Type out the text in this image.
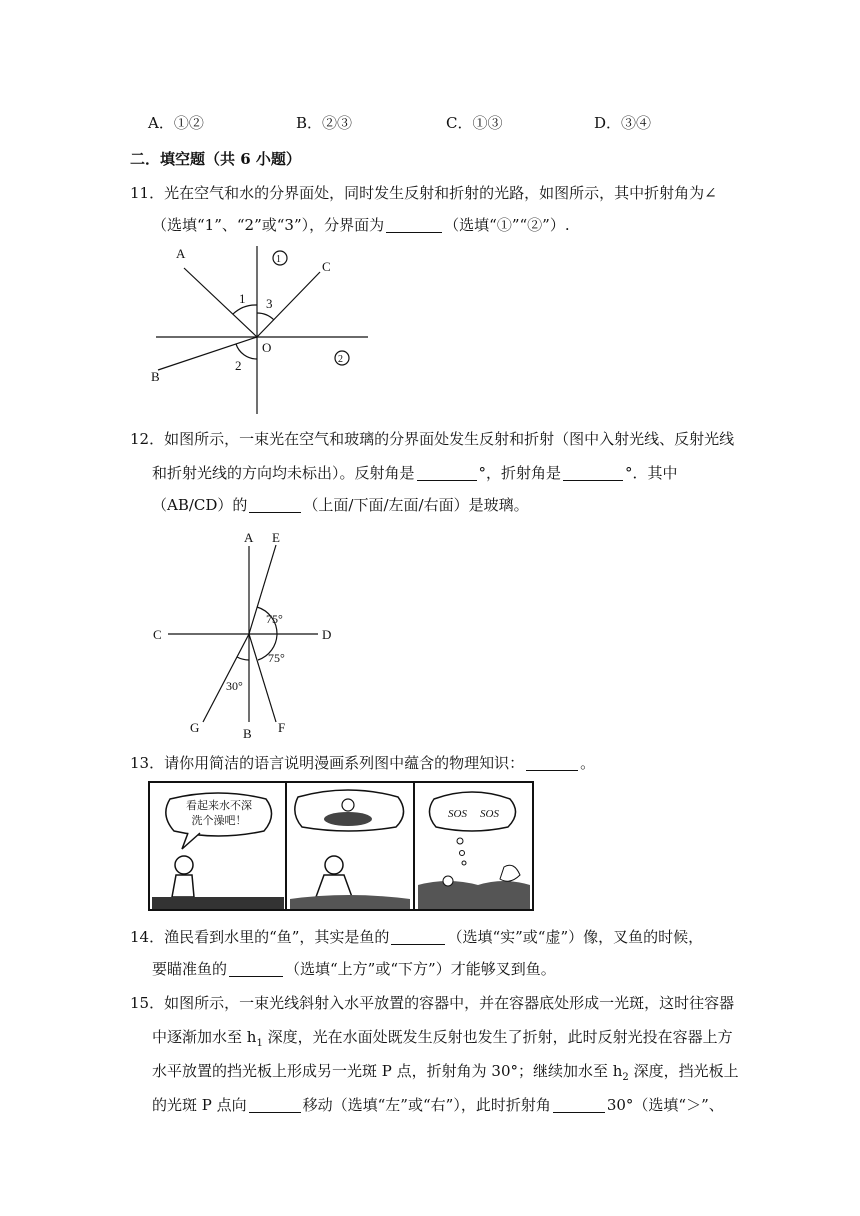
A．①②	B．②③	C．①③	D．③④
二．填空题（共 6 小题）
11．光在空气和水的分界面处，同时发生反射和折射的光路，如图所示，其中折射角为∠
（选填“1”、“2”或“3”），分界面为	（选填“①”“②”）.
A
C
B
O
1 3
2
1
2
12．如图所示，一束光在空气和玻璃的分界面处发生反射和折射（图中入射光线、反射光线
和折射光线的方向均未标出）。反射角是	°，折射角是	°．其中
（AB/CD）的	（上面/下面/左面/右面）是玻璃。
A E
C	D
B F
G
75°
75°
30°
13．请你用简洁的语言说明漫画系列图中蕴含的物理知识：	。
SOS SOS
看起来水不深
洗个澡吧！
14．渔民看到水里的“鱼”，其实是鱼的	（选填“实”或“虚”）像，叉鱼的时候，
要瞄准鱼的	（选填“上方”或“下方”）才能够叉到鱼。
15．如图所示，一束光线斜射入水平放置的容器中，并在容器底处形成一光斑，这时往容器
中逐渐加水至 $h_1$ 深度，光在水面处既发生反射也发生了折射，此时反射光投在容器上方
水平放置的挡光板上形成另一光斑 P 点，折射角为 30°；继续加水至 $h_2$ 深度，挡光板上
的光斑 P 点向	移动（选填“左”或“右”），此时折射角	30°（选填“＞”、
